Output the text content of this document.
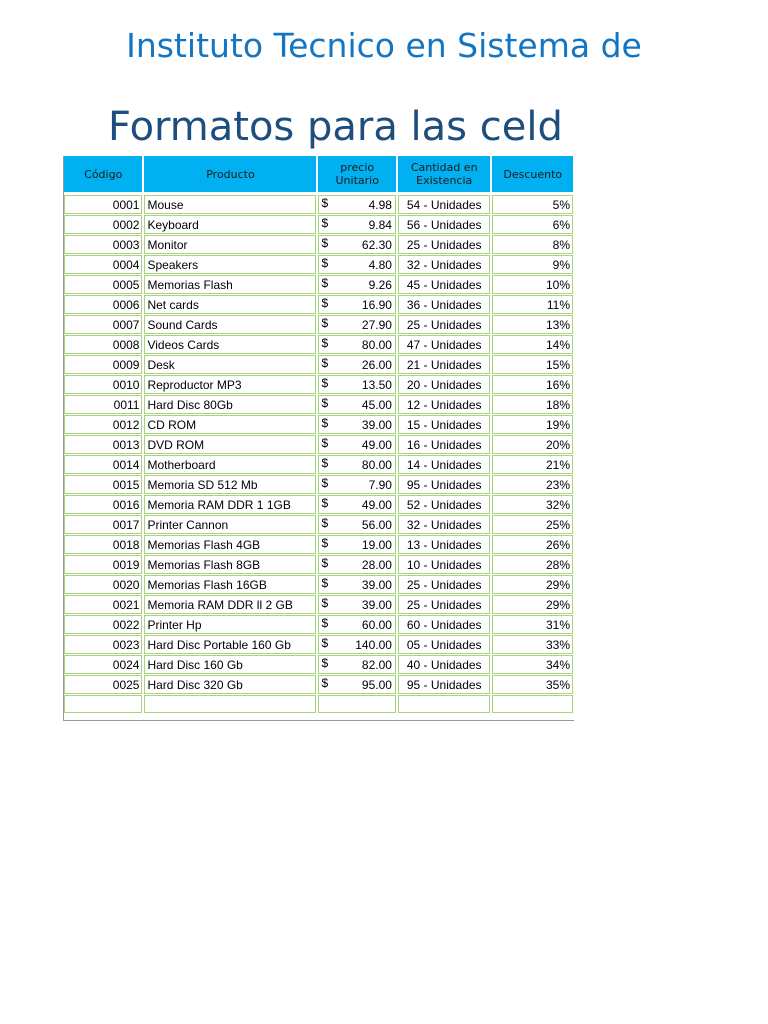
Instituto Tecnico en Sistema de
Formatos para las celd
Código	Producto	precio Unitario	Cantidad en Existencia	Descuento

0001	Mouse	$ 4.98	54 - Unidades	5%
0002	Keyboard	$ 9.84	56 - Unidades	6%
0003	Monitor	$ 62.30	25 - Unidades	8%
0004	Speakers	$ 4.80	32 - Unidades	9%
0005	Memorias Flash	$ 9.26	45 - Unidades	10%
0006	Net cards	$ 16.90	36 - Unidades	11%
0007	Sound Cards	$ 27.90	25 - Unidades	13%
0008	Videos Cards	$ 80.00	47 - Unidades	14%
0009	Desk	$ 26.00	21 - Unidades	15%
0010	Reproductor MP3	$ 13.50	20 - Unidades	16%
0011	Hard Disc 80Gb	$ 45.00	12 - Unidades	18%
0012	CD ROM	$ 39.00	15 - Unidades	19%
0013	DVD ROM	$ 49.00	16 - Unidades	20%
0014	Motherboard	$ 80.00	14 - Unidades	21%
0015	Memoria SD 512 Mb	$ 7.90	95 - Unidades	23%
0016	Memoria RAM DDR 1 1GB	$ 49.00	52 - Unidades	32%
0017	Printer Cannon	$ 56.00	32 - Unidades	25%
0018	Memorias Flash 4GB	$ 19.00	13 - Unidades	26%
0019	Memorias Flash 8GB	$ 28.00	10 - Unidades	28%
0020	Memorias Flash 16GB	$ 39.00	25 - Unidades	29%
0021	Memoria RAM DDR ll 2 GB	$ 39.00	25 - Unidades	29%
0022	Printer Hp	$ 60.00	60 - Unidades	31%
0023	Hard Disc Portable 160 Gb	$ 140.00	05 - Unidades	33%
0024	Hard Disc 160 Gb	$ 82.00	40 - Unidades	34%
0025	Hard Disc 320 Gb	$ 95.00	95 - Unidades	35%
